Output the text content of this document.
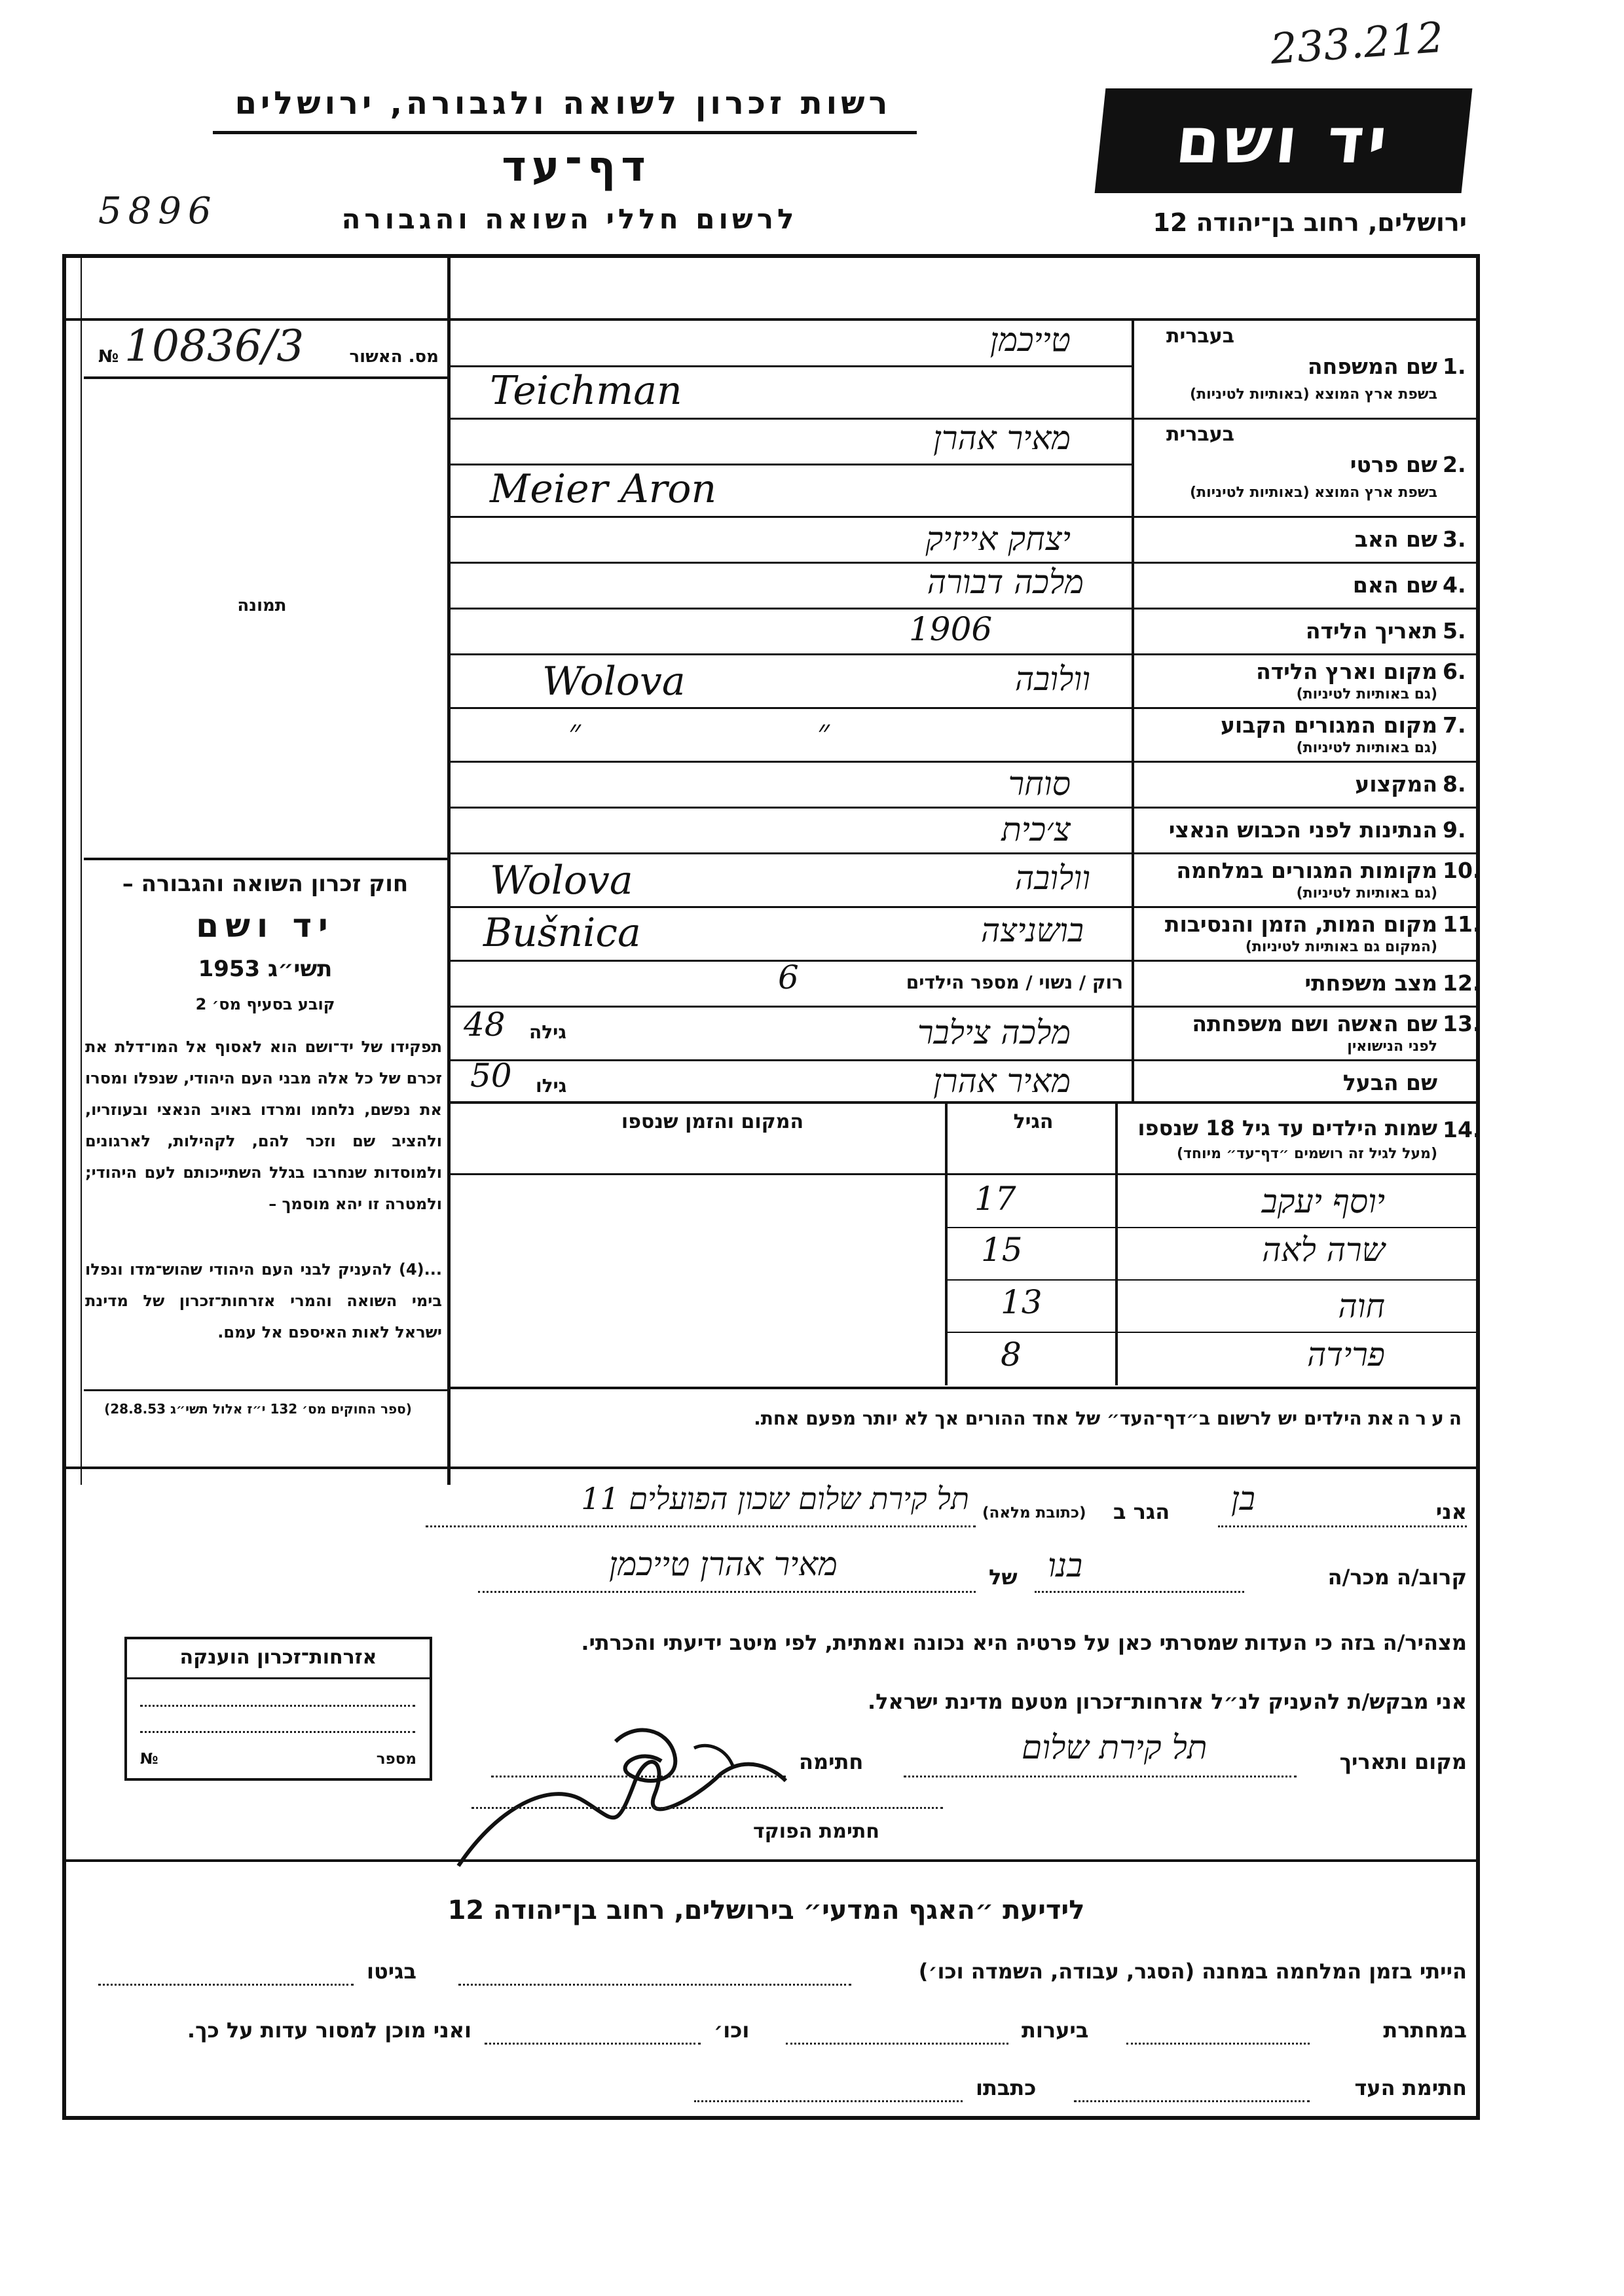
233.212
רשות זכרון לשואה ולגבורה, ירושלים
דף־עד
לרשום חללי השואה והגבורה
5896
יד ושם
ירושלים, רחוב בן־יהודה 12
מס. האשור
№ 10836/3
תמונה
חוק זכרון השואה והגבורה –
יד ושם
תשי״ג 1953
קובע בסעיף מס׳ 2
תפקידו של יד־ושם הוא לאסוף אל המו־דלת את זכרם של כל אלה מבני העם היהודי, שנפלו ומסרו את נפשם, נלחמו ומרדו באויב הנאצי ובעוזריו, ולהציב שם וזכר להם, לקהילות, לארגונים ולמוסדות שנחרבו בגלל השתייכותם לעם היהודי; ולמטרה זו יהא מוסמך –
...(4) להעניק לבני העם היהודי שהוש־מדו ונפלו בימי השואה והמרי אזרחות־זכרון של מדינת ישראל לאות האיספם אל עמם.
(ספר החוקים מס׳ 132 י״ז אלול תשי״ג 28.8.53)
בעברית
שם המשפחה 1.
בשפת ארץ המוצא (באותיות לטיניות)
טייכמן
Teichman
בעברית
שם פרטי 2.
בשפת ארץ המוצא (באותיות לטיניות)
מאיר אהרן
Meier Aron
שם האב 3.
יצחק אייזיק
שם האם 4.
מלכה דבורה
תאריך הלידה 5.
1906
מקום וארץ הלידה 6.
(גם באותיות לטיניות)
וולובה
Wolova
מקום המגורים הקבוע 7.
(גם באותיות לטיניות)
״
״
המקצוע 8.
סוחר
הנתינות לפני הכבוש הנאצי 9.
צ׳כית
מקומות המגורים במלחמה 10.
(גם באותיות לטיניות)
וולובה
Wolova
מקום המות, הזמן והנסיבות 11.
(המקום גם באותיות לטיניות)
בושניצה
Bušnica
מצב משפחתי 12.
רוק / נשוי / מספר הילדים
6
שם האשה ושם משפחתה 13.
לפני הנישואין
מלכה צילבר
גילה
48
שם הבעל
מאיר אהרן
גילו
50
14.
שמות הילדים עד גיל 18 שנספו
(מעל לגיל זה רושמים ״דף־עד״ מיוחד)
הגיל
המקום והזמן שנספו
יוסף יעקב
17
שרה לאה
15
חוה
13
פרידה
8
הערה את הילדים יש לרשום ב״דף־העד״ של אחד ההורים אך לא יותר מפעם אחת.
אני
בן
הגר ב
(כתובת מלאה)
תל קירת שלום שכון הפועלים 11
קרוב/ה מכר/ה
בנו
של
מאיר אהרן טייכמן
מצהיר/ה בזה כי העדות שמסרתי כאן על פרטיה היא נכונה ואמתית, לפי מיטב ידיעתי והכרתי.
אני מבקש/ת להעניק לנ״ל אזרחות־זכרון מטעם מדינת ישראל.
מקום ותאריך
תל קירת שלום
חתימה
חתימת הפוקד
אזרחות־זכרון הוענקה
מספר
№
לידיעת ״האגף המדעי״ בירושלים, רחוב בן־יהודה 12
הייתי בזמן המלחמה במחנה (הסגר, עבודה, השמדה וכו׳)
בגיטו
במחתרת
ביערות
וכו׳
ואני מוכן למסור עדות על כך.
חתימת העד
כתבתו
